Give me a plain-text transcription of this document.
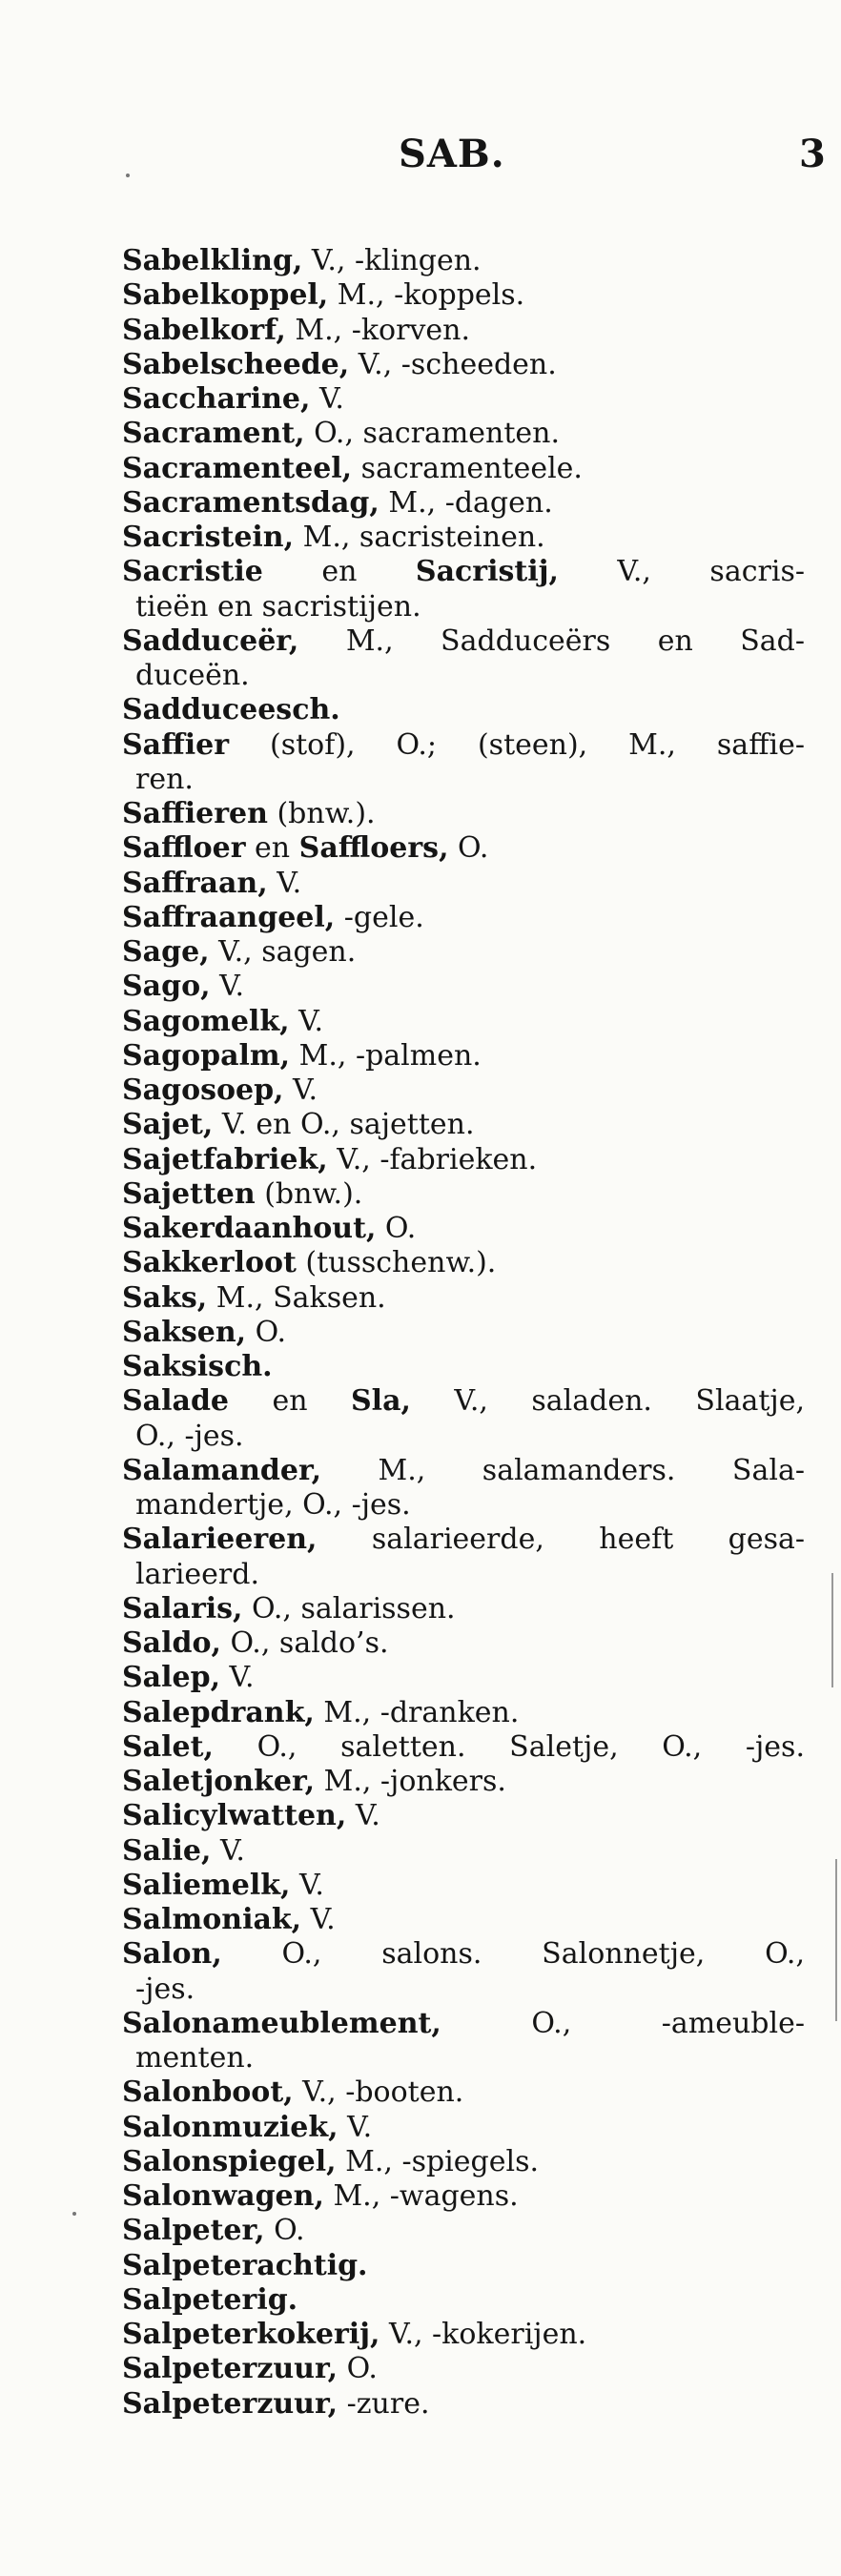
SAB.	3
Sabelkling, V., -klingen.
Sabelkoppel, M., -koppels.
Sabelkorf, M., -korven.
Sabelscheede, V., -scheeden.
Saccharine, V.
Sacrament, O., sacramenten.
Sacramenteel, sacramenteele.
Sacramentsdag, M., -dagen.
Sacristein, M., sacristeinen.
Sacristie en Sacristij, V., sacris-
tieën en sacristijen.
Sadduceër, M., Sadduceërs en Sad-
duceën.
Sadduceesch.
Saffier (stof), O.; (steen), M., saffie-
ren.
Saffieren (bnw.).
Saffloer en Saffloers, O.
Saffraan, V.
Saffraangeel, -gele.
Sage, V., sagen.
Sago, V.
Sagomelk, V.
Sagopalm, M., -palmen.
Sagosoep, V.
Sajet, V. en O., sajetten.
Sajetfabriek, V., -fabrieken.
Sajetten (bnw.).
Sakerdaanhout, O.
Sakkerloot (tusschenw.).
Saks, M., Saksen.
Saksen, O.
Saksisch.
Salade en Sla, V., saladen. Slaatje,
O., -jes.
Salamander, M., salamanders. Sala-
mandertje, O., -jes.
Salarieeren, salarieerde, heeft gesa-
larieerd.
Salaris, O., salarissen.
Saldo, O., saldo’s.
Salep, V.
Salepdrank, M., -dranken.
Salet, O., saletten. Saletje, O., -jes.
Saletjonker, M., -jonkers.
Salicylwatten, V.
Salie, V.
Saliemelk, V.
Salmoniak, V.
Salon, O., salons. Salonnetje, O.,
-jes.
Salonameublement, O., -ameuble-
menten.
Salonboot, V., -booten.
Salonmuziek, V.
Salonspiegel, M., -spiegels.
Salonwagen, M., -wagens.
Salpeter, O.
Salpeterachtig.
Salpeterig.
Salpeterkokerij, V., -kokerijen.
Salpeterzuur, O.
Salpeterzuur, -zure.
